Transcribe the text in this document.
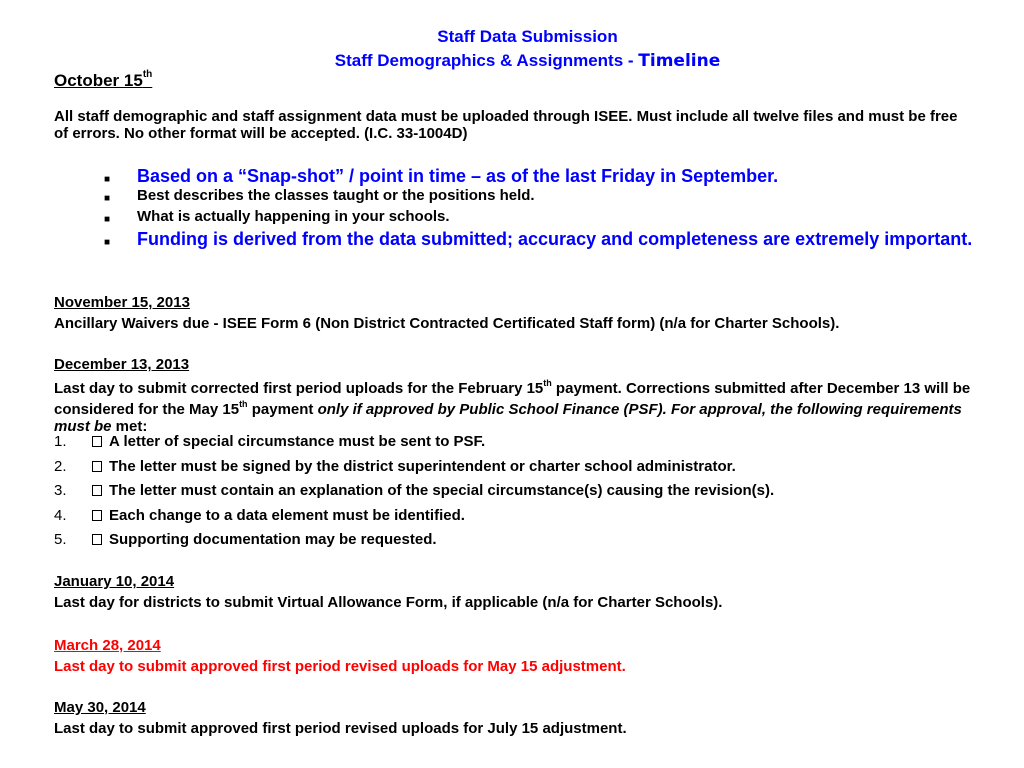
Staff Data Submission
Staff Demographics & Assignments - Timeline
October 15th
All staff demographic and staff assignment data must be uploaded through ISEE. Must include all twelve files and must be free of errors. No other format will be accepted. (I.C. 33-1004D)
■ Based on a “Snap-shot” / point in time – as of the last Friday in September.
■ Best describes the classes taught or the positions held.
■ What is actually happening in your schools.
■ Funding is derived from the data submitted; accuracy and completeness are extremely important.
November 15, 2013
Ancillary Waivers due - ISEE Form 6 (Non District Contracted Certificated Staff form) (n/a for Charter Schools).
December 13, 2013
Last day to submit corrected first period uploads for the February 15th payment. Corrections submitted after December 13 will be considered for the May 15th payment only if approved by Public School Finance (PSF). For approval, the following requirements must be met:
1.	A letter of special circumstance must be sent to PSF.
2.	The letter must be signed by the district superintendent or charter school administrator.
3.	The letter must contain an explanation of the special circumstance(s) causing the revision(s).
4.	Each change to a data element must be identified.
5.	Supporting documentation may be requested.
January 10, 2014
Last day for districts to submit Virtual Allowance Form, if applicable (n/a for Charter Schools).
March 28, 2014
Last day to submit approved first period revised uploads for May 15 adjustment.
May 30, 2014
Last day to submit approved first period revised uploads for July 15 adjustment.
